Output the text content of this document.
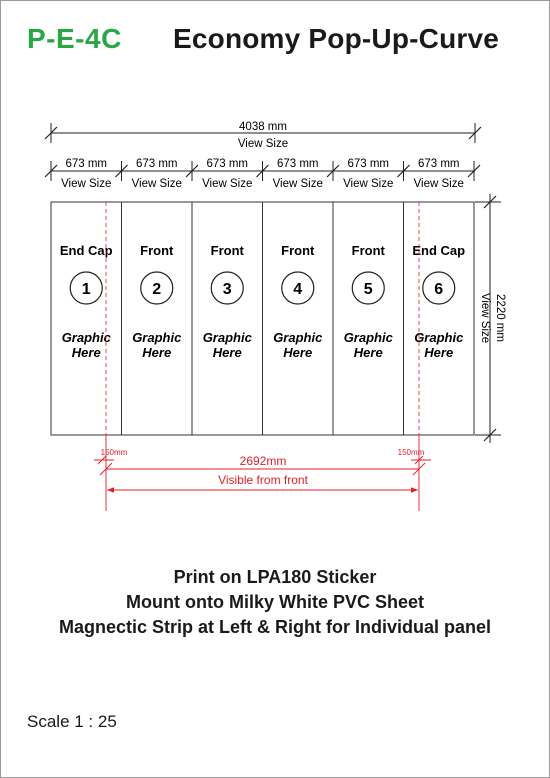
P-E-4C Economy Pop-Up-Curve
4038 mm
View Size
673 mm
View Size
673 mm
View Size
673 mm
View Size
673 mm
View Size
673 mm
View Size
673 mm
View Size
2220 mm
View Size
End Cap
1
Graphic
Here
Front
2
Graphic
Here
Front
3
Graphic
Here
Front
4
Graphic
Here
Front
5
Graphic
Here
End Cap
6
Graphic
Here
150mm	150mm
2692mm
Visible from front
Print on LPA180 Sticker
Mount onto Milky White PVC Sheet
Magnectic Strip at Left & Right for Individual panel
Scale 1 : 25
